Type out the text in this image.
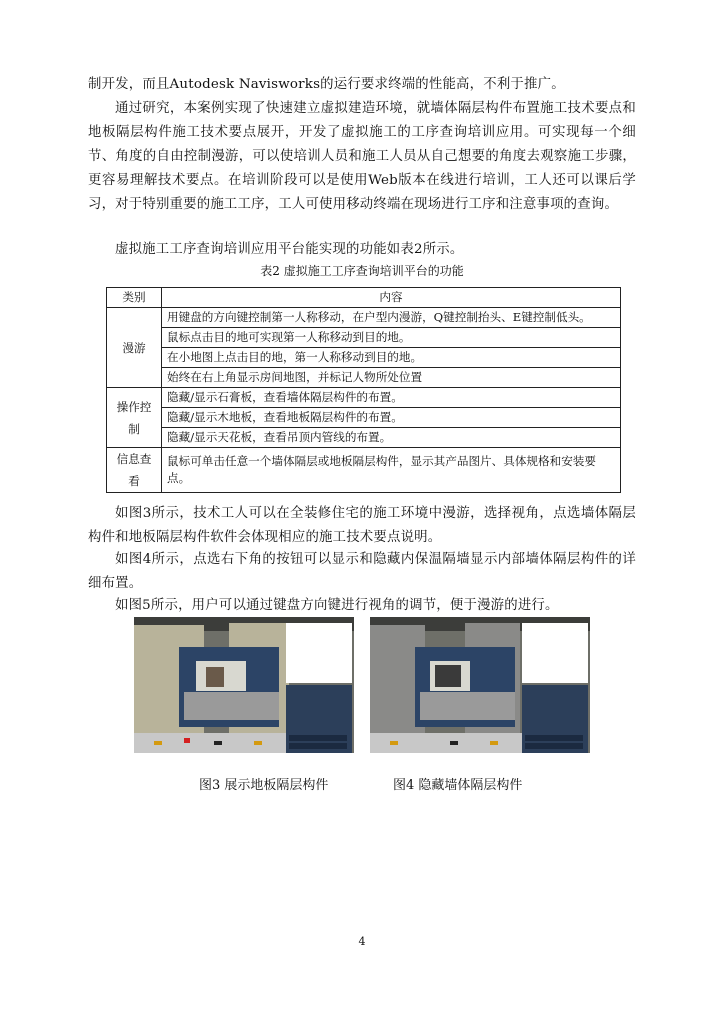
制开发，而且Autodesk Navisworks的运行要求终端的性能高，不利于推广。

通过研究，本案例实现了快速建立虚拟建造环境，就墙体隔层构件布置施工技术要点和地板隔层构件施工技术要点展开，开发了虚拟施工的工序查询培训应用。可实现每一个细节、角度的自由控制漫游，可以使培训人员和施工人员从自己想要的角度去观察施工步骤，更容易理解技术要点。在培训阶段可以是使用Web版本在线进行培训，工人还可以课后学习，对于特别重要的施工工序，工人可使用移动终端在现场进行工序和注意事项的查询。

虚拟施工工序查询培训应用平台能实现的功能如表2所示。

表2 虚拟施工工序查询培训平台的功能
类别	内容
漫游	用键盘的方向键控制第一人称移动，在户型内漫游，Q键控制抬头、E键控制低头。
	鼠标点击目的地可实现第一人称移动到目的地。
	在小地图上点击目的地，第一人称移动到目的地。
	始终在右上角显示房间地图，并标记人物所处位置
操作控制	隐藏/显示石膏板，查看墙体隔层构件的布置。
	隐藏/显示木地板，查看地板隔层构件的布置。
	隐藏/显示天花板，查看吊顶内管线的布置。
信息查看	鼠标可单击任意一个墙体隔层或地板隔层构件，显示其产品图片、具体规格和安装要点。

如图3所示，技术工人可以在全装修住宅的施工环境中漫游，选择视角，点选墙体隔层构件和地板隔层构件软件会体现相应的施工技术要点说明。

如图4所示，点选右下角的按钮可以显示和隐藏内保温隔墙显示内部墙体隔层构件的详细布置。

如图5所示，用户可以通过键盘方向键进行视角的调节，便于漫游的进行。

图3 展示地板隔层构件	图4 隐藏墙体隔层构件
4
